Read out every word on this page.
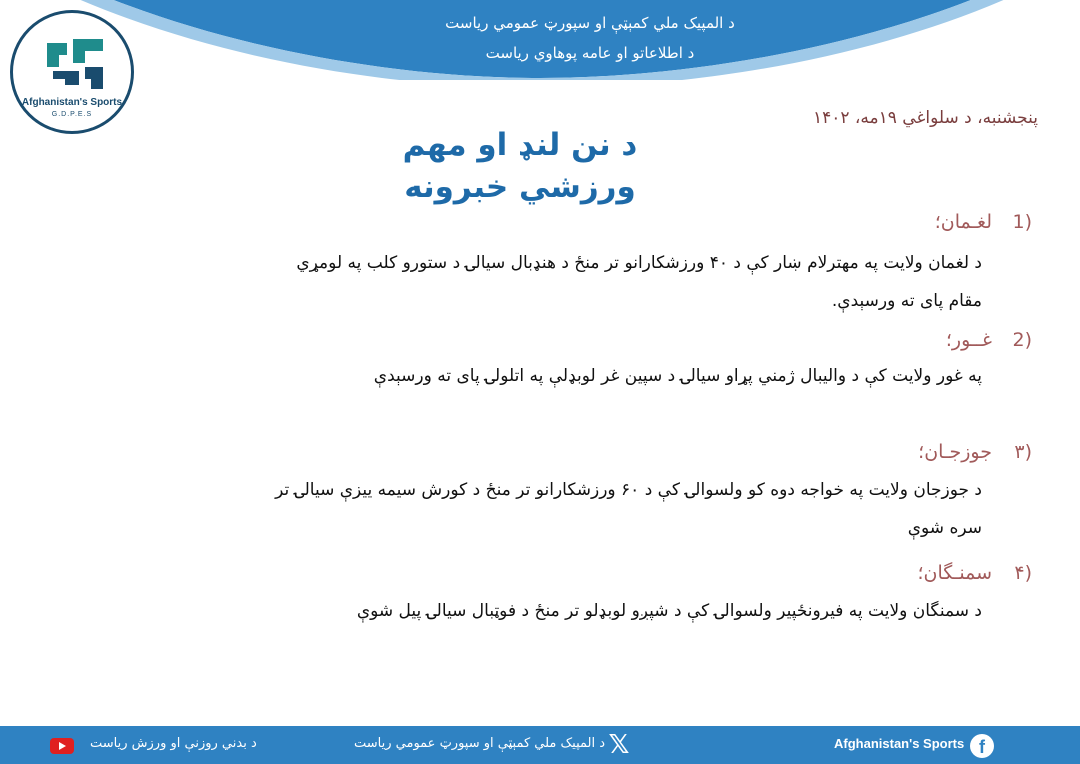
د المپیک ملي کمېټې او سپورټ عمومي رياست
د اطلاعاتو او عامه پوهاوي رياست
Afghanistan's Sports
G.D.P.E.S	پنجشنبه، د سلواغي ۱۹مه، ۱۴۰۲
د نن لنډ او مهم
ورزشي خبرونه
1)
لغـمان؛
د لغمان ولايت په مهترلام ښار کې د ۴۰ ورزشکارانو تر منځ د هنډبال سيالۍ د ستورو کلب په لومړي
مقام پای ته ورسېدې.
2)
غــور؛
په غور ولايت کې د واليبال ژمني پړاو سيالۍ د سپين غر لوبډلې په اتلولۍ پای ته ورسېدې
۳)
جوزجـان؛
د جوزجان ولايت په خواجه دوه کو ولسوالۍ کې د ۶۰ ورزشکارانو تر منځ د کورش سيمه ييزې سيالۍ تر
سره شوې
۴)
سمنـگان؛
د سمنگان ولايت په فيرونځپير ولسوالۍ کې د شپږو لوبډلو تر منځ د فوټبال سيالۍ پيل شوې
د بدني روزنې او ورزش رياست	د المپيک ملي کمېټې او سپورټ عمومي رياست 𝕏	Afghanistan's Sports f
